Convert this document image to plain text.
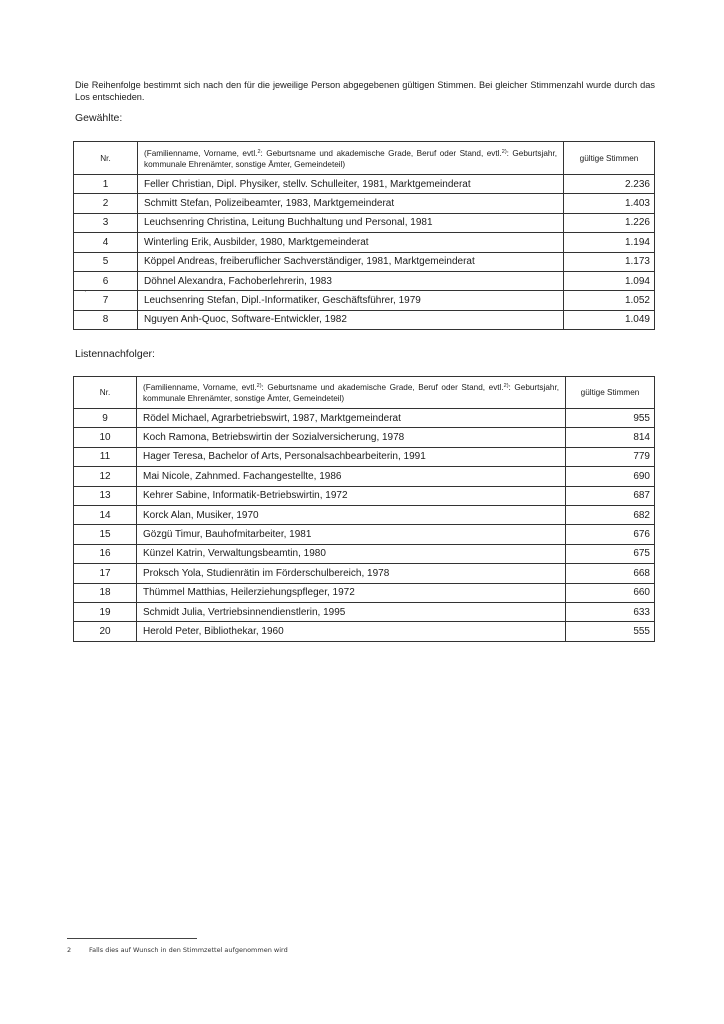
Die Reihenfolge bestimmt sich nach den für die jeweilige Person abgegebenen gültigen Stimmen. Bei gleicher Stimmenzahl wurde durch das Los entschieden.
Gewählte:
Nr.	(Familienname, Vorname, evtl.$^2$: Geburtsname und akademische Grade, Beruf oder Stand, evtl.$^{2)}$: Geburtsjahr, kommunale Ehrenämter, sonstige Ämter, Gemeindeteil)	gültige Stimmen
1	Feller Christian, Dipl. Physiker, stellv. Schulleiter, 1981, Marktgemeinderat	2.236
2	Schmitt Stefan, Polizeibeamter, 1983, Marktgemeinderat	1.403
3	Leuchsenring Christina, Leitung Buchhaltung und Personal, 1981	1.226
4	Winterling Erik, Ausbilder, 1980, Marktgemeinderat	1.194
5	Köppel Andreas, freiberuflicher Sachverständiger, 1981, Marktgemeinderat	1.173
6	Döhnel Alexandra, Fachoberlehrerin, 1983	1.094
7	Leuchsenring Stefan, Dipl.-Informatiker, Geschäftsführer, 1979	1.052
8	Nguyen Anh-Quoc, Software-Entwickler, 1982	1.049
·
Listennachfolger:
Nr.	(Familienname, Vorname, evtl.$^{2)}$: Geburtsname und akademische Grade, Beruf oder Stand, evtl.$^{2)}$: Geburtsjahr, kommunale Ehrenämter, sonstige Ämter, Gemeindeteil)	gültige Stimmen
9	Rödel Michael, Agrarbetriebswirt, 1987, Marktgemeinderat	955
10	Koch Ramona, Betriebswirtin der Sozialversicherung, 1978	814
11	Hager Teresa, Bachelor of Arts, Personalsachbearbeiterin, 1991	779
12	Mai Nicole, Zahnmed. Fachangestellte, 1986	690
13	Kehrer Sabine, Informatik-Betriebswirtin, 1972	687
14	Korck Alan, Musiker, 1970	682
15	Gözgü Timur, Bauhofmitarbeiter, 1981	676
16	Künzel Katrin, Verwaltungsbeamtin, 1980	675
17	Proksch Yola, Studienrätin im Förderschulbereich, 1978	668
18	Thümmel Matthias, Heilerziehungspfleger, 1972	660
19	Schmidt Julia, Vertriebsinnendienstlerin, 1995	633
20	Herold Peter, Bibliothekar, 1960	555
2	Falls dies auf Wunsch in den Stimmzettel aufgenommen wird
